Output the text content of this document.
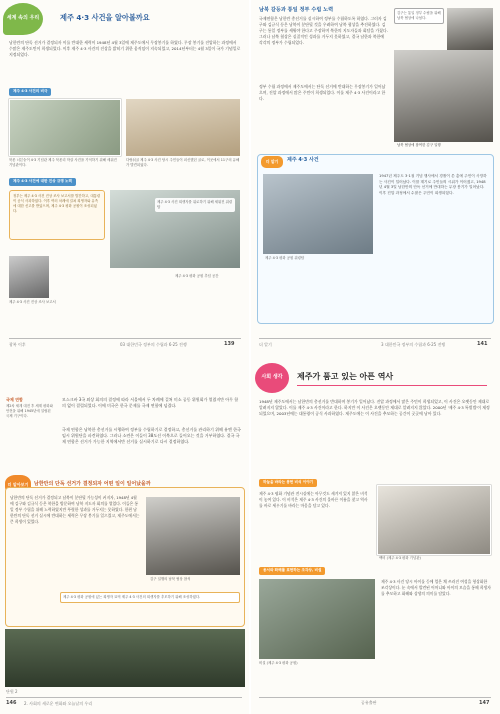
세계 속의 우리	제주 4·3 사건을 알아볼까요
남한만의 단독 선거가 결정되자 이를 반대한 세력이 1948년 4월 3일에 제주도에서 무장봉기를 하였다. 무장 봉기를 진압하는 과정에서 수많은 제주도민이 희생되었다. 이후 제주 4·3 사건의 진상을 밝히기 위한 움직임이 지속되었고, 2014년부터는 4월 3일이 국가 기념일로 지정되었다.
제주 4·3 사건의 비극
북촌 너븐숭이 4·3 기념관 제주 북촌리 학살 사건을 기억하기 위해 세워진 기념관이다.
다랑쉬굴 제주 4·3 사건 당시 주민들이 피신했던 굴로, 이곳에서 11구의 유해가 발견되었다.
제주 4·3 사건에 대한 진상 규명 노력
정부는 제주 4·3 사건 진상 조사 보고서를 발간하고, 대통령이 공식 사과하였다. 이후 여러 차례에 걸쳐 희생자와 유족에 대한 신고를 받았으며, 제주 4·3 평화 공원이 조성되었다.
제주 4·3 사건 희생자를 위로하기 위해 세워진 위령탑
제주 4·3 사건 진상 조사 보고서
제주 4·3 평화 공원 추념 공간
광복 이후	03 대한민국 정부의 수립과 6·25 전쟁	139
남북 갈등과 통일 정부 수립 노력
국제연합은 남한만 총선거를 실시하여 정부를 수립하도록 하였다. 그러자 김구와 김규식 등은 남북이 분단될 것을 우려하여 남북 협상을 추진하였다. 김구는 통일 정부를 세워야 한다고 주장하며 북한의 지도자들과 회담을 가졌다. 그러나 남북 협상은 실질적인 성과를 거두지 못하였고, 결국 남한과 북한에 각각의 정부가 수립되었다.
정부 수립 과정에서 제주도에서는 단독 선거에 반대하는 무장봉기가 일어났으며, 진압 과정에서 많은 주민이 희생되었다. 이를 제주 4·3 사건이라고 한다.
김구는 통일 정부 수립을 위해 남북 협상에 나섰다.
남북 협상에 참여한 김구 일행
더 알기	제주 4·3 사건
제주 4·3 평화 공원 위령탑
1947년 제주도 3·1절 기념 행사에서 경찰이 쏜 총에 주민이 사망하는 사건이 일어났다. 이를 계기로 주민들의 시위가 이어졌고, 1948년 4월 3일 남한만의 단독 선거에 반대하는 무장 봉기가 일어났다. 이후 진압 과정에서 수많은 주민이 희생되었다.
더 알기	3 대한민국 정부의 수립과 6·25 전쟁	141
국제 연합
제2차 세계 대전 후 세계 평화와 안전을 위해 1945년에 설립된 국제 기구이다.
모스크바 3국 외상 회의의 결정에 따라 서울에서 두 차례에 걸쳐 미소 공동 위원회가 열렸지만 아무 합의 없이 결렬되었다. 이에 미국은 한국 문제를 국제 연합에 넘겼다.
국제 연합은 남북한 총선거를 시행하여 정부를 수립하기로 결정하고, 총선거를 관리하기 위해 유엔 한국 임시 위원단을 파견하였다. 그러나 소련은 이들이 38도선 이북으로 들어오는 것을 거부하였다. 결국 국제 연합은 선거가 가능한 지역에서만 선거를 실시하기로 다시 결정하였다.
더 알아보기	남한만의 단독 선거가 결정되자 어떤 일이 일어났을까
남한만의 단독 선거가 결정되고 남북이 분단될 가능성이 커지자, 1948년 4월에 김구와 김규식 등은 북한을 방문하여 남북 지도자 회의를 열었다. 이들은 통일 정부 수립을 위해 노력하였지만 뚜렷한 성과를 거두지는 못하였다. 한편 남한만의 단독 선거 실시에 반대하는 세력은 무장 봉기를 일으켰고, 제주도에서는 큰 희생이 있었다.
김구 일행의 남북 협상 참석
제주 4·3 평화 공원에 있는 희생자 묘역 제주 4·3 사건의 희생자를 추모하기 위해 조성하였다.
단원 2
146 2. 사회의 새로운 변화와 오늘날의 우리
사회 생각	제주가 품고 있는 아픈 역사
1948년 제주도에서는 남한만의 총선거를 반대하며 봉기가 일어났다. 진압 과정에서 많은 주민이 희생되었고, 이 사건은 오랫동안 제대로 알려지지 않았다. 이를 제주 4·3 사건이라고 한다. 하지만 이 사건은 오랫동안 제대로 알려지지 않았다. 2000년 '제주 4·3 특별법'이 제정되었으며, 2003년에는 대통령이 공식 사과하였다. 제주도에는 이 사건을 추모하는 공간이 곳곳에 남아 있다.
하늘을 바라는 봉헌 비석 이야기
제주 4·3 평화 기념관 전시실에는 아무것도 새겨져 있지 않은 비석이 놓여 있다. 이 비석은 제주 4·3 사건의 올바른 이름을 찾고 역사를 바로 세우기를 바라는 마음을 담고 있다.
백비 (제주 4·3 평화 기념관)
용서와 화해를 표현하는 조각상, 비설
제주 4·3 사건 당시 아이를 등에 업은 채 쓰러진 여성을 형상화한 조각상이다. 눈 속에서 발견된 어머니와 아이의 모습을 통해 희생자를 추모하고 화해와 상생의 의미를 담았다.
비설 (제주 4·3 평화 공원)
공유출판	147
